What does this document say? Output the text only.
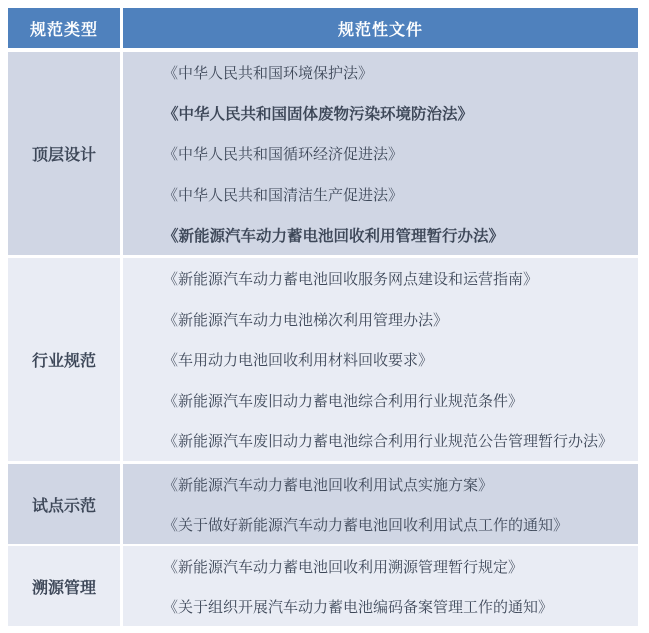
规范类型	规范性文件
顶层设计
《中华人民共和国环境保护法》
《中华人民共和国固体废物污染环境防治法》
《中华人民共和国循环经济促进法》
《中华人民共和国清洁生产促进法》
《新能源汽车动力蓄电池回收利用管理暂行办法》
行业规范
《新能源汽车动力蓄电池回收服务网点建设和运营指南》
《新能源汽车动力电池梯次利用管理办法》
《车用动力电池回收利用材料回收要求》
《新能源汽车废旧动力蓄电池综合利用行业规范条件》
《新能源汽车废旧动力蓄电池综合利用行业规范公告管理暂行办法》
试点示范
《新能源汽车动力蓄电池回收利用试点实施方案》
《关于做好新能源汽车动力蓄电池回收利用试点工作的通知》
溯源管理
《新能源汽车动力蓄电池回收利用溯源管理暂行规定》
《关于组织开展汽车动力蓄电池编码备案管理工作的通知》
